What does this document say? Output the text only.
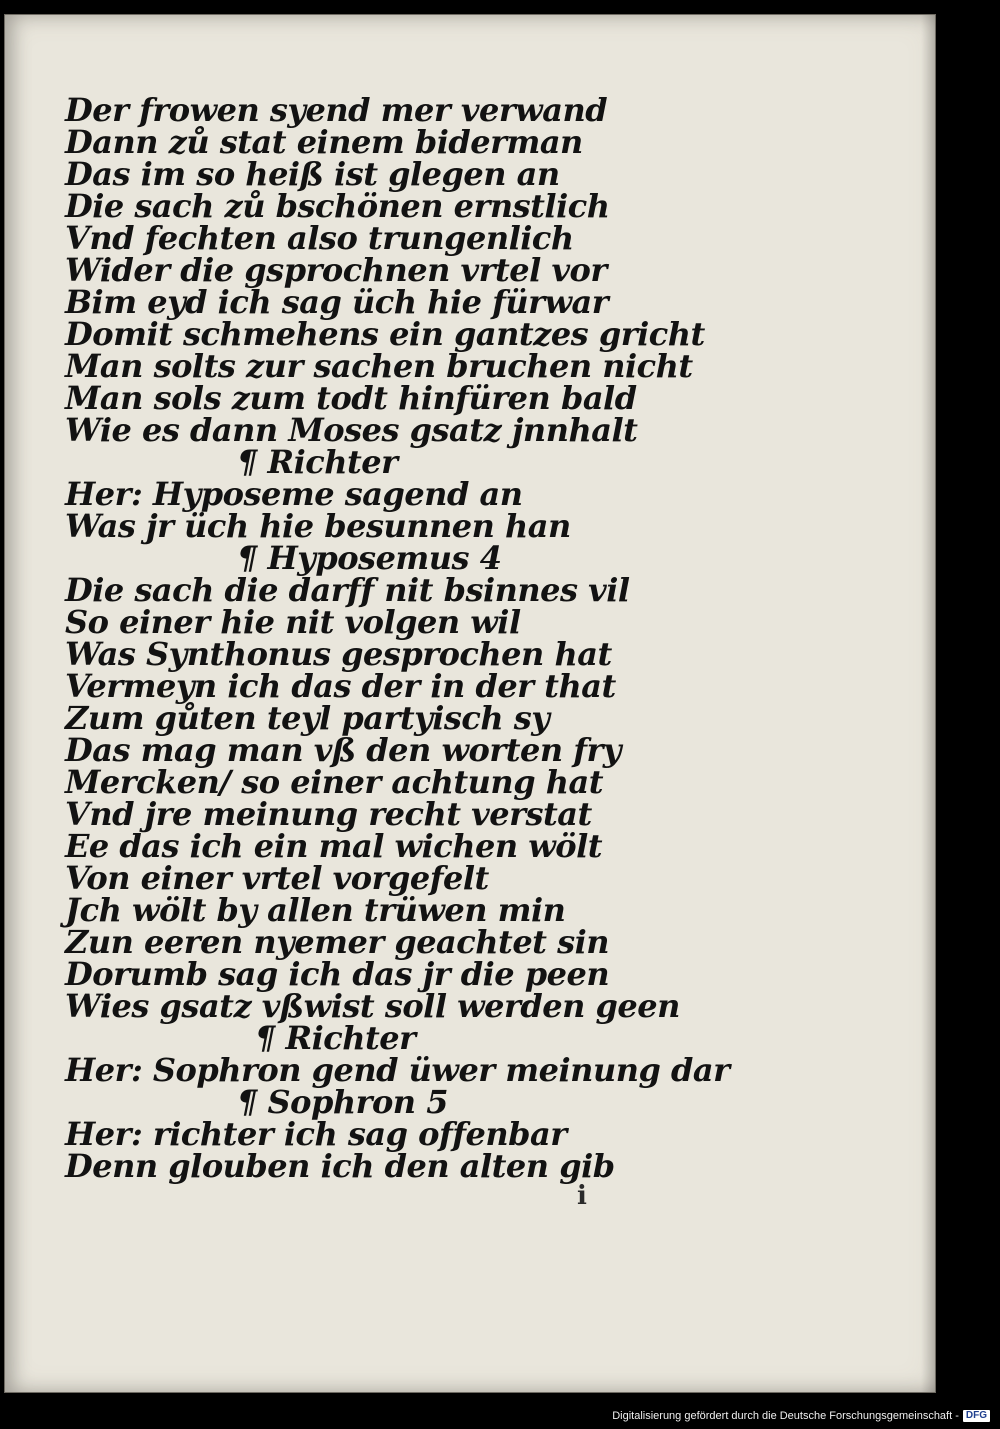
Der frowen syend mer verwand
Dann zů stat einem biderman
Das im so heiß ist glegen an
Die sach zů bschönen ernstlich
Vnd fechten also trungenlich
Wider die gsprochnen vrtel vor
Bim eyd ich sag üch hie fürwar
Domit schmehens ein gantzes gricht
Man solts zur sachen bruchen nicht
Man sols zum todt hinfüren bald
Wie es dann Moses gsatz jnnhalt
¶ Richter
Her: Hyposeme sagend an
Was jr üch hie besunnen han
¶ Hyposemus 4
Die sach die darff nit bsinnes vil
So einer hie nit volgen wil
Was Synthonus gesprochen hat
Vermeyn ich das der in der that
Zum gůten teyl partyisch sy
Das mag man vß den worten fry
Mercken/ so einer achtung hat
Vnd jre meinung recht verstat
Ee das ich ein mal wichen wölt
Von einer vrtel vorgefelt
Jch wölt by allen trüwen min
Zun eeren nyemer geachtet sin
Dorumb sag ich das jr die peen
Wies gsatz vßwist soll werden geen
¶ Richter
Her: Sophron gend üwer meinung dar
¶ Sophron 5
Her: richter ich sag offenbar
Denn glouben ich den alten gib
i
Digitalisierung gefördert durch die Deutsche Forschungsgemeinschaft - DFG
